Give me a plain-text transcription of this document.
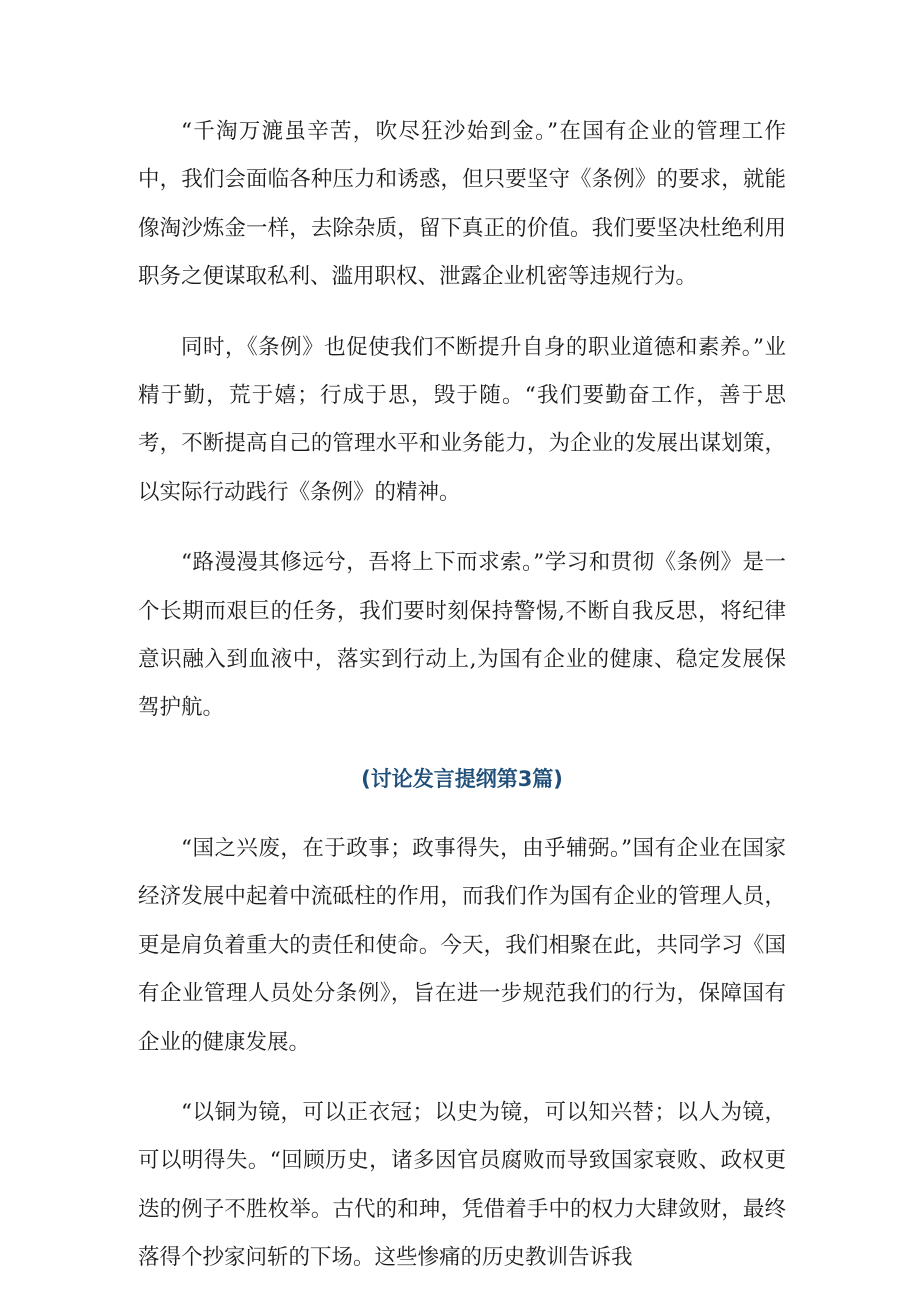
“千淘万漉虽辛苦，吹尽狂沙始到金。”在国有企业的管理工作中，我们会面临各种压力和诱惑，但只要坚守《条例》的要求，就能像淘沙炼金一样，去除杂质，留下真正的价值。我们要坚决杜绝利用职务之便谋取私利、滥用职权、泄露企业机密等违规行为。

同时，《条例》也促使我们不断提升自身的职业道德和素养。”业精于勤，荒于嬉；行成于思，毁于随。“我们要勤奋工作，善于思考，不断提高自己的管理水平和业务能力，为企业的发展出谋划策，以实际行动践行《条例》的精神。

“路漫漫其修远兮，吾将上下而求索。”学习和贯彻《条例》是一个长期而艰巨的任务，我们要时刻保持警惕,不断自我反思，将纪律意识融入到血液中，落实到行动上,为国有企业的健康、稳定发展保驾护航。

(讨论发言提纲第3篇)

“国之兴废，在于政事；政事得失，由乎辅弼。”国有企业在国家经济发展中起着中流砥柱的作用，而我们作为国有企业的管理人员，更是肩负着重大的责任和使命。今天，我们相聚在此，共同学习《国有企业管理人员处分条例》，旨在进一步规范我们的行为，保障国有企业的健康发展。

“以铜为镜，可以正衣冠；以史为镜，可以知兴替；以人为镜，可以明得失。“回顾历史，诸多因官员腐败而导致国家衰败、政权更迭的例子不胜枚举。古代的和珅，凭借着手中的权力大肆敛财，最终落得个抄家问斩的下场。这些惨痛的历史教训告诉我
